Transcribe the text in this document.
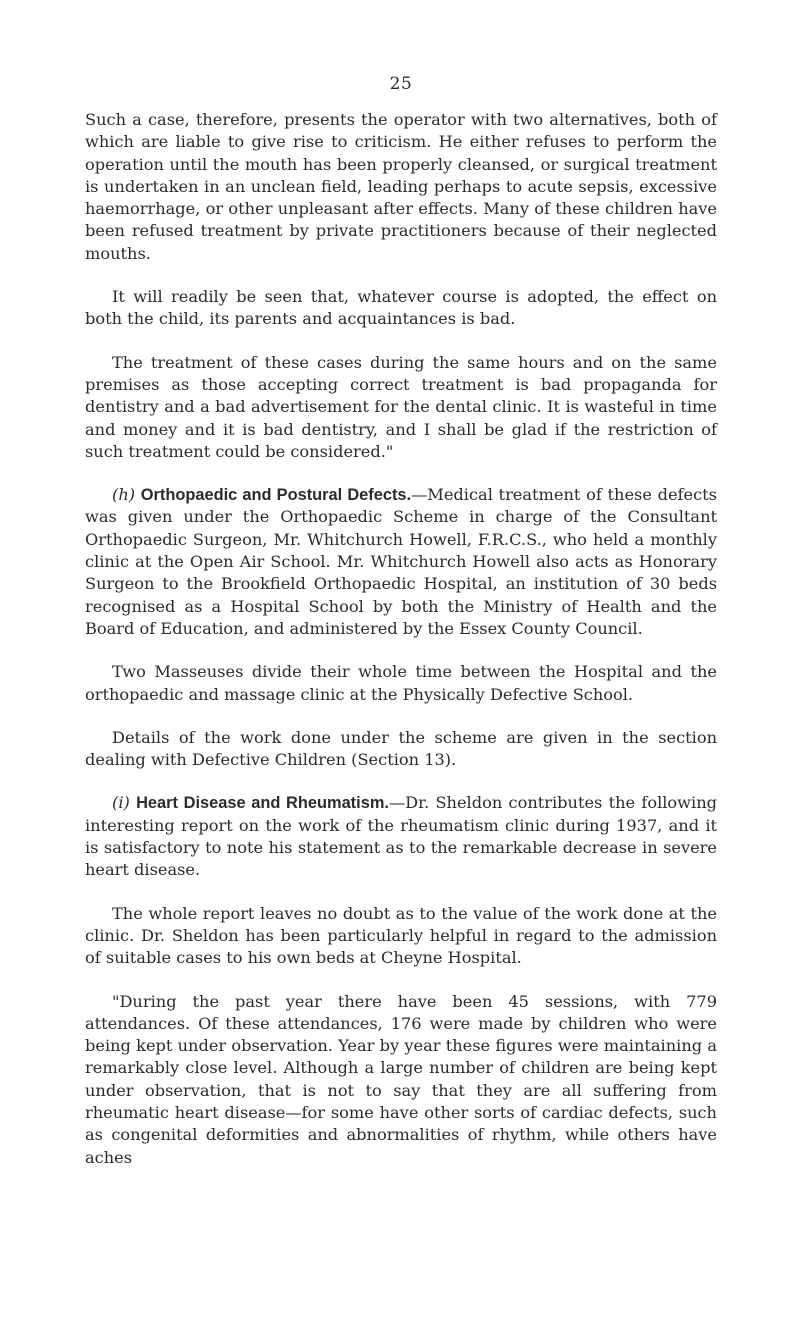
25

Such a case, therefore, presents the operator with two alternatives, both of which are liable to give rise to criticism. He either refuses to perform the operation until the mouth has been properly cleansed, or surgical treatment is undertaken in an unclean field, leading perhaps to acute sepsis, excessive haemorrhage, or other unpleasant after effects. Many of these children have been refused treatment by private practitioners because of their neglected mouths.

It will readily be seen that, whatever course is adopted, the effect on both the child, its parents and acquaintances is bad.

The treatment of these cases during the same hours and on the same premises as those accepting correct treatment is bad propaganda for dentistry and a bad advertisement for the dental clinic. It is wasteful in time and money and it is bad dentistry, and I shall be glad if the restriction of such treatment could be considered."

(h) Orthopaedic and Postural Defects.—Medical treatment of these defects was given under the Orthopaedic Scheme in charge of the Consultant Orthopaedic Surgeon, Mr. Whitchurch Howell, F.R.C.S., who held a monthly clinic at the Open Air School. Mr. Whitchurch Howell also acts as Honorary Surgeon to the Brookfield Orthopaedic Hospital, an institution of 30 beds recognised as a Hospital School by both the Ministry of Health and the Board of Education, and administered by the Essex County Council.

Two Masseuses divide their whole time between the Hospital and the orthopaedic and massage clinic at the Physically Defective School.

Details of the work done under the scheme are given in the section dealing with Defective Children (Section 13).

(i) Heart Disease and Rheumatism.—Dr. Sheldon contributes the following interesting report on the work of the rheumatism clinic during 1937, and it is satisfactory to note his statement as to the remarkable decrease in severe heart disease.

The whole report leaves no doubt as to the value of the work done at the clinic. Dr. Sheldon has been particularly helpful in regard to the admission of suitable cases to his own beds at Cheyne Hospital.

"During the past year there have been 45 sessions, with 779 attendances. Of these attendances, 176 were made by children who were being kept under observation. Year by year these figures were maintaining a remarkably close level. Although a large number of children are being kept under observation, that is not to say that they are all suffering from rheumatic heart disease—for some have other sorts of cardiac defects, such as congenital deformities and abnormalities of rhythm, while others have aches
